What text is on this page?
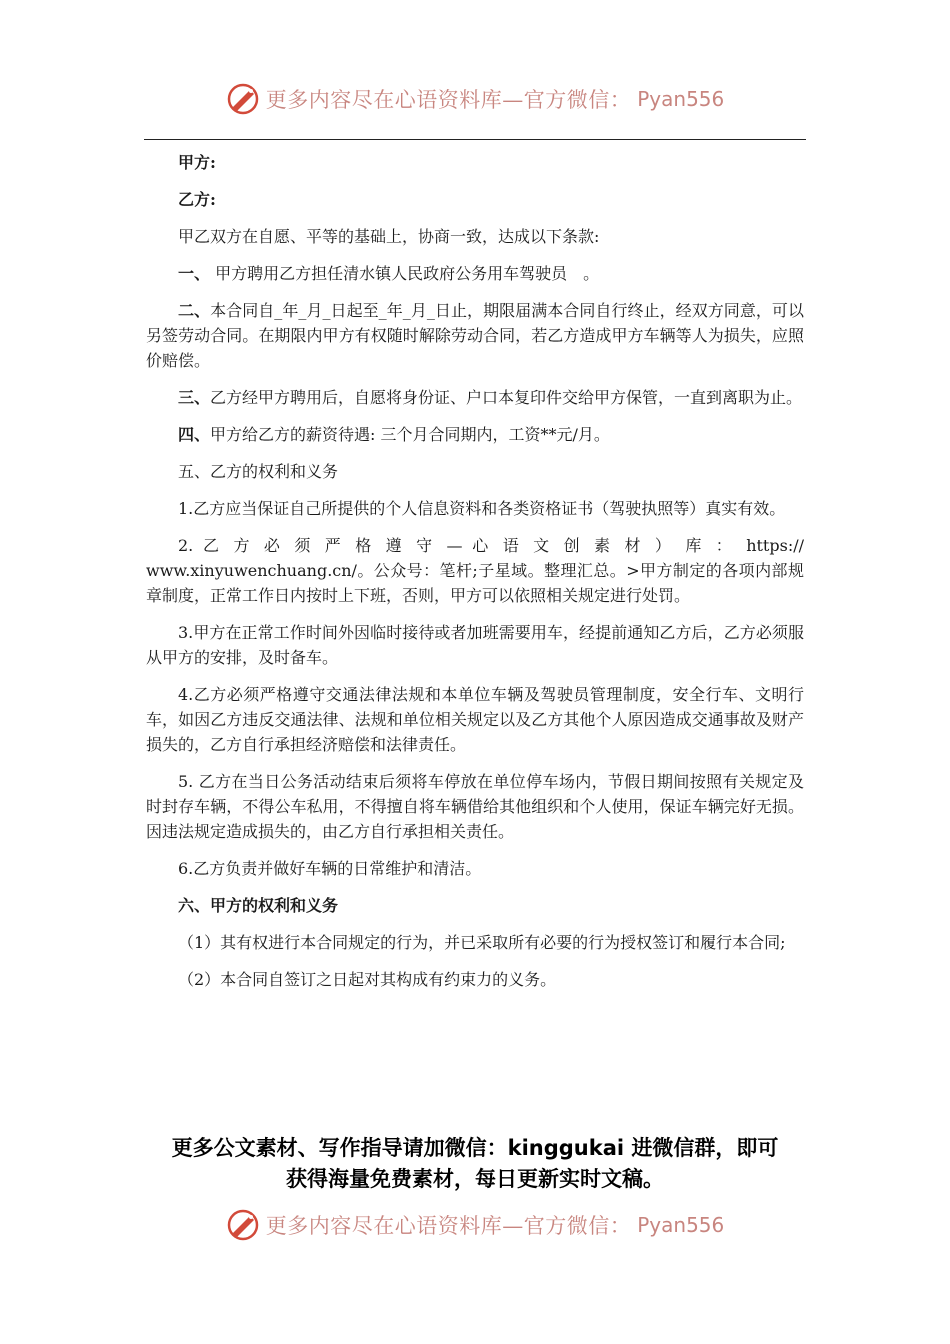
更多内容尽在心语资料库—官方微信： Pyan556

甲方:

乙方:

甲乙双方在自愿、平等的基础上，协商一致，达成以下条款:

一、 甲方聘用乙方担任清水镇人民政府公务用车驾驶员　。

二、本合同自_年_月_日起至_年_月_日止，期限届满本合同自行终止，经双方同意，可以另签劳动合同。在期限内甲方有权随时解除劳动合同，若乙方造成甲方车辆等人为损失，应照价赔偿。

三、乙方经甲方聘用后，自愿将身份证、户口本复印件交给甲方保管，一直到离职为止。

四、甲方给乙方的薪资待遇: 三个月合同期内，工资**元/月。

五、乙方的权利和义务

1.乙方应当保证自己所提供的个人信息资料和各类资格证书（驾驶执照等）真实有效。

2. 乙 方 必 须 严 格 遵 守 — 心 语 文 创 素 材 ） 库 ： https://
www.xinyuwenchuang.cn/。公众号：笔杆;子星域。整理汇总。>甲方制定的各项内部规章制度，正常工作日内按时上下班，否则，甲方可以依照相关规定进行处罚。

3.甲方在正常工作时间外因临时接待或者加班需要用车，经提前通知乙方后，乙方必须服从甲方的安排，及时备车。

4.乙方必须严格遵守交通法律法规和本单位车辆及驾驶员管理制度，安全行车、文明行车，如因乙方违反交通法律、法规和单位相关规定以及乙方其他个人原因造成交通事故及财产损失的，乙方自行承担经济赔偿和法律责任。

5. 乙方在当日公务活动结束后须将车停放在单位停车场内，节假日期间按照有关规定及时封存车辆，不得公车私用，不得擅自将车辆借给其他组织和个人使用，保证车辆完好无损。因违法规定造成损失的，由乙方自行承担相关责任。

6.乙方负责并做好车辆的日常维护和清洁。

六、甲方的权利和义务

（1）其有权进行本合同规定的行为，并已采取所有必要的行为授权签订和履行本合同;

（2）本合同自签订之日起对其构成有约束力的义务。

更多公文素材、写作指导请加微信：kinggukai 进微信群，即可
获得海量免费素材，每日更新实时文稿。
更多内容尽在心语资料库—官方微信： Pyan556
